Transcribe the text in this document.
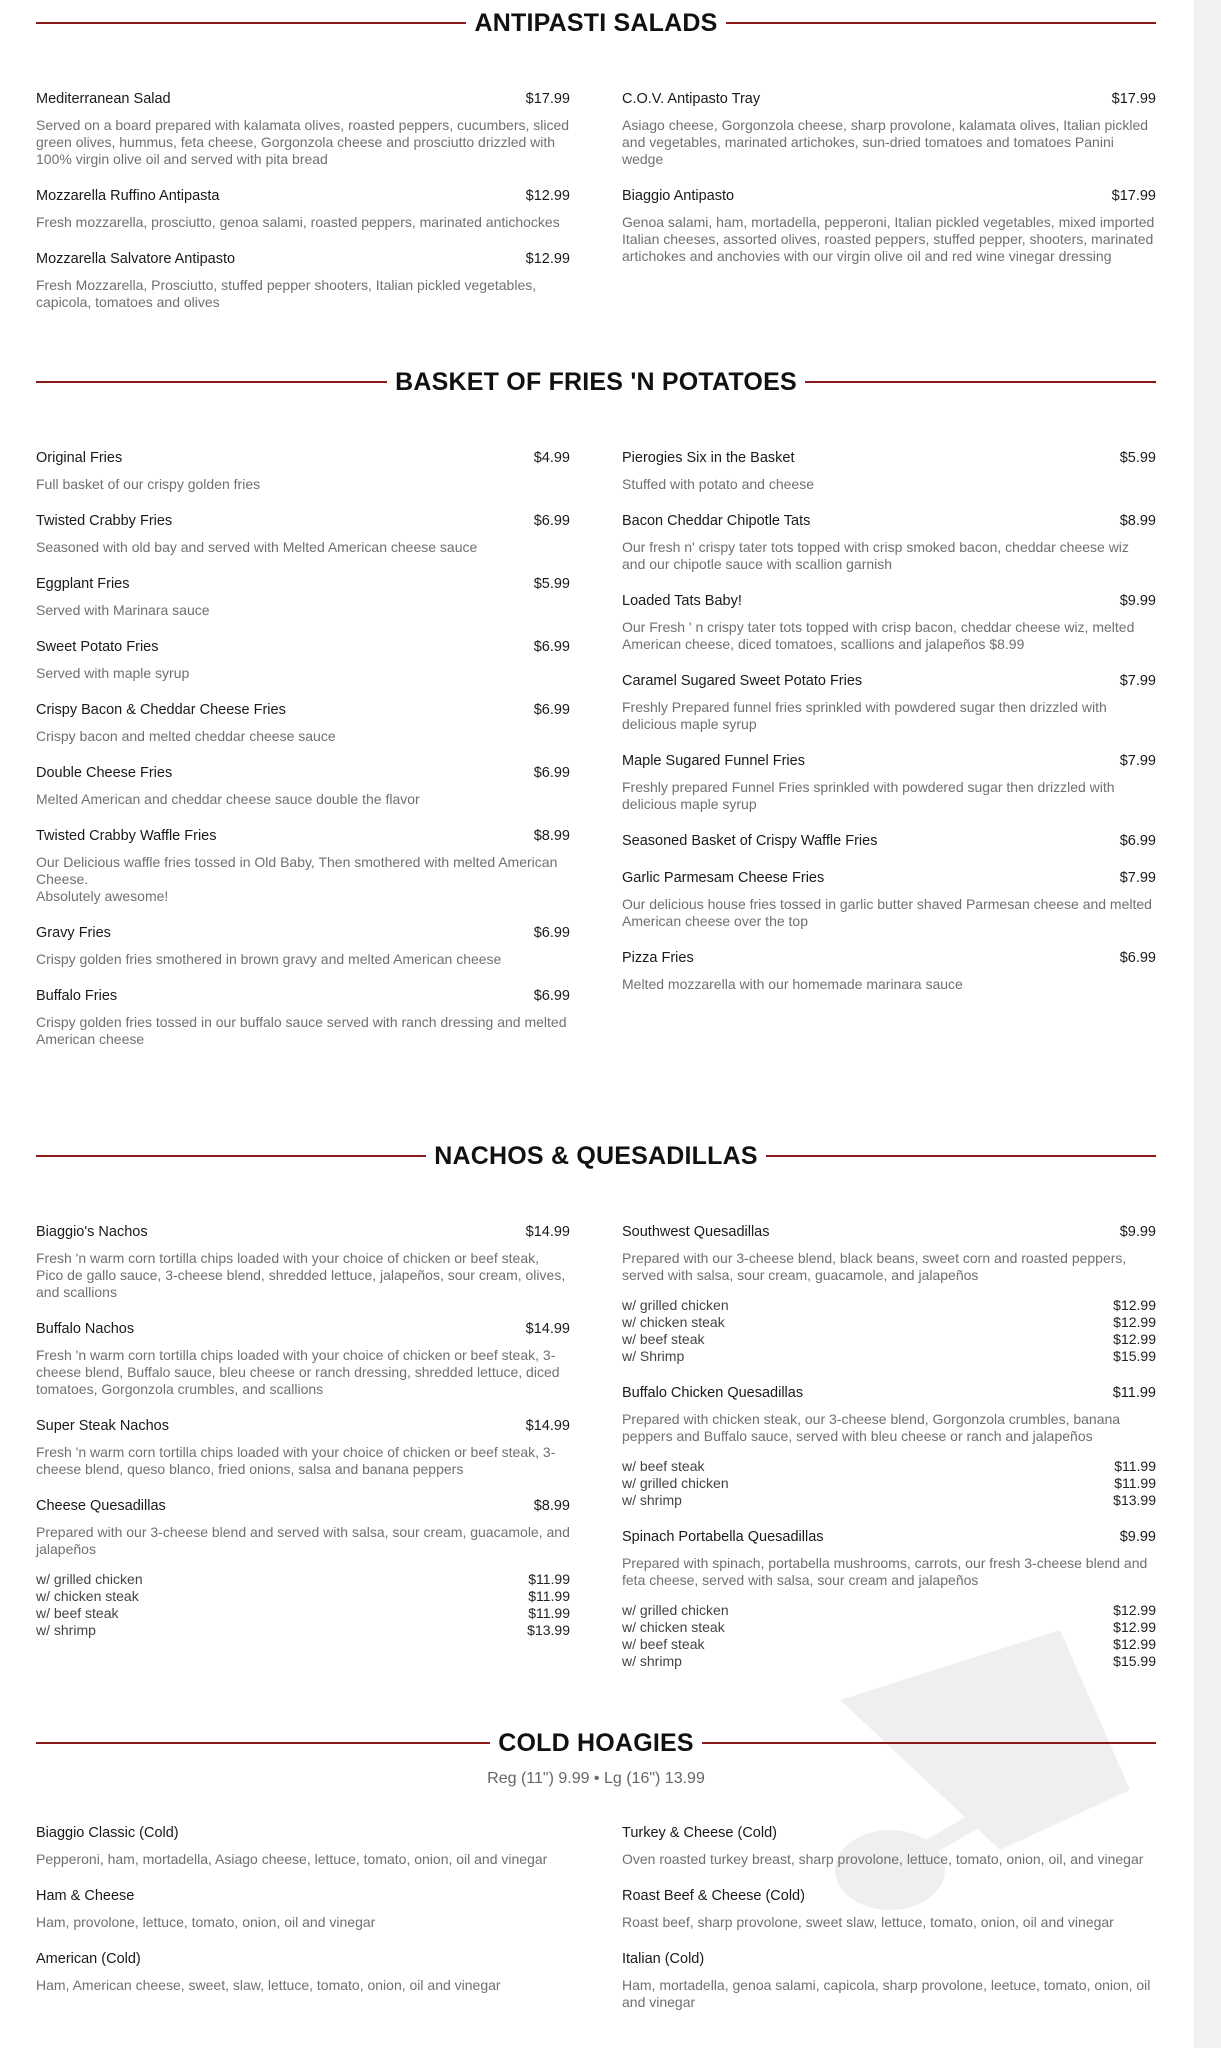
ANTIPASTI SALADS
Mediterranean Salad	$17.99
Served on a board prepared with kalamata olives, roasted peppers, cucumbers, sliced green olives, hummus, feta cheese, Gorgonzola cheese and prosciutto drizzled with 100% virgin olive oil and served with pita bread
Mozzarella Ruffino Antipasta	$12.99
Fresh mozzarella, prosciutto, genoa salami, roasted peppers, marinated antichockes
Mozzarella Salvatore Antipasto	$12.99
Fresh Mozzarella, Prosciutto, stuffed pepper shooters, Italian pickled vegetables, capicola, tomatoes and olives
C.O.V. Antipasto Tray	$17.99
Asiago cheese, Gorgonzola cheese, sharp provolone, kalamata olives, Italian pickled and vegetables, marinated artichokes, sun-dried tomatoes and tomatoes Panini wedge
Biaggio Antipasto	$17.99
Genoa salami, ham, mortadella, pepperoni, Italian pickled vegetables, mixed imported Italian cheeses, assorted olives, roasted peppers, stuffed pepper, shooters, marinated artichokes and anchovies with our virgin olive oil and red wine vinegar dressing
BASKET OF FRIES 'N POTATOES
Original Fries	$4.99
Full basket of our crispy golden fries
Twisted Crabby Fries	$6.99
Seasoned with old bay and served with Melted American cheese sauce
Eggplant Fries	$5.99
Served with Marinara sauce
Sweet Potato Fries	$6.99
Served with maple syrup
Crispy Bacon & Cheddar Cheese Fries	$6.99
Crispy bacon and melted cheddar cheese sauce
Double Cheese Fries	$6.99
Melted American and cheddar cheese sauce double the flavor
Twisted Crabby Waffle Fries	$8.99
Our Delicious waffle fries tossed in Old Baby, Then smothered with melted American Cheese.
Absolutely awesome!
Gravy Fries	$6.99
Crispy golden fries smothered in brown gravy and melted American cheese
Buffalo Fries	$6.99
Crispy golden fries tossed in our buffalo sauce served with ranch dressing and melted American cheese
Pierogies Six in the Basket	$5.99
Stuffed with potato and cheese
Bacon Cheddar Chipotle Tats	$8.99
Our fresh n' crispy tater tots topped with crisp smoked bacon, cheddar cheese wiz and our chipotle sauce with scallion garnish
Loaded Tats Baby!	$9.99
Our Fresh ' n crispy tater tots topped with crisp bacon, cheddar cheese wiz, melted American cheese, diced tomatoes, scallions and jalapeños $8.99
Caramel Sugared Sweet Potato Fries	$7.99
Freshly Prepared funnel fries sprinkled with powdered sugar then drizzled with delicious maple syrup
Maple Sugared Funnel Fries	$7.99
Freshly prepared Funnel Fries sprinkled with powdered sugar then drizzled with delicious maple syrup
Seasoned Basket of Crispy Waffle Fries	$6.99
Garlic Parmesam Cheese Fries	$7.99
Our delicious house fries tossed in garlic butter shaved Parmesan cheese and melted American cheese over the top
Pizza Fries	$6.99
Melted mozzarella with our homemade marinara sauce
NACHOS & QUESADILLAS
Biaggio's Nachos	$14.99
Fresh 'n warm corn tortilla chips loaded with your choice of chicken or beef steak, Pico de gallo sauce, 3-cheese blend, shredded lettuce, jalapeños, sour cream, olives, and scallions
Buffalo Nachos	$14.99
Fresh 'n warm corn tortilla chips loaded with your choice of chicken or beef steak, 3-cheese blend, Buffalo sauce, bleu cheese or ranch dressing, shredded lettuce, diced tomatoes, Gorgonzola crumbles, and scallions
Super Steak Nachos	$14.99
Fresh 'n warm corn tortilla chips loaded with your choice of chicken or beef steak, 3-cheese blend, queso blanco, fried onions, salsa and banana peppers
Cheese Quesadillas	$8.99
Prepared with our 3-cheese blend and served with salsa, sour cream, guacamole, and jalapeños
w/ grilled chicken	$11.99
w/ chicken steak	$11.99
w/ beef steak	$11.99
w/ shrimp	$13.99
Southwest Quesadillas	$9.99
Prepared with our 3-cheese blend, black beans, sweet corn and roasted peppers, served with salsa, sour cream, guacamole, and jalapeños
w/ grilled chicken	$12.99
w/ chicken steak	$12.99
w/ beef steak	$12.99
w/ Shrimp	$15.99
Buffalo Chicken Quesadillas	$11.99
Prepared with chicken steak, our 3-cheese blend, Gorgonzola crumbles, banana peppers and Buffalo sauce, served with bleu cheese or ranch and jalapeños
w/ beef steak	$11.99
w/ grilled chicken	$11.99
w/ shrimp	$13.99
Spinach Portabella Quesadillas	$9.99
Prepared with spinach, portabella mushrooms, carrots, our fresh 3-cheese blend and feta cheese, served with salsa, sour cream and jalapeños
w/ grilled chicken	$12.99
w/ chicken steak	$12.99
w/ beef steak	$12.99
w/ shrimp	$15.99
COLD HOAGIES
Reg (11") 9.99 • Lg (16") 13.99
Biaggio Classic (Cold)
Pepperoni, ham, mortadella, Asiago cheese, lettuce, tomato, onion, oil and vinegar
Ham & Cheese
Ham, provolone, lettuce, tomato, onion, oil and vinegar
American (Cold)
Ham, American cheese, sweet, slaw, lettuce, tomato, onion, oil and vinegar
Turkey & Cheese (Cold)
Oven roasted turkey breast, sharp provolone, lettuce, tomato, onion, oil, and vinegar
Roast Beef & Cheese (Cold)
Roast beef, sharp provolone, sweet slaw, lettuce, tomato, onion, oil and vinegar
Italian (Cold)
Ham, mortadella, genoa salami, capicola, sharp provolone, leetuce, tomato, onion, oil and vinegar
